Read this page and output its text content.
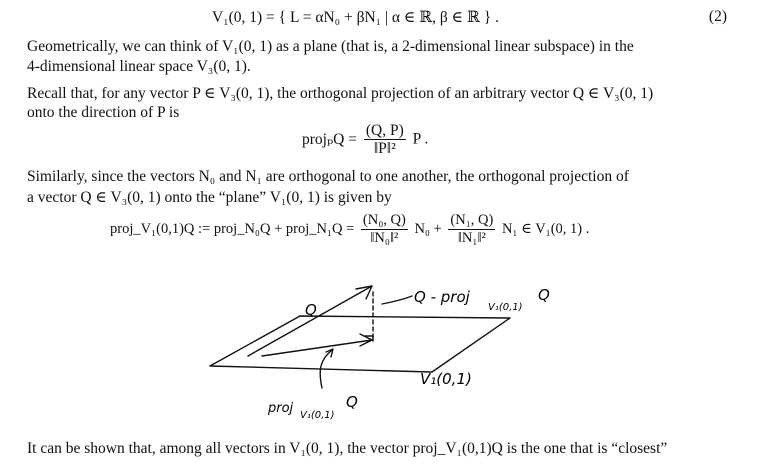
V₁(0, 1) = { L = αN₀ + βN₁ | α ∈ ℝ, β ∈ ℝ } .	(2)
Geometrically, we can think of V₁(0, 1) as a plane (that is, a 2-dimensional linear subspace) in the
4-dimensional linear space V₃(0, 1).
Recall that, for any vector P ∈ V₃(0, 1), the orthogonal projection of an arbitrary vector Q ∈ V₃(0, 1)
onto the direction of P is
projₚQ = $\frac{(Q, P)}{\text{‖P‖²}}$ P .
Similarly, since the vectors N₀ and N₁ are orthogonal to one another, the orthogonal projection of
a vector Q ∈ V₃(0, 1) onto the “plane” V₁(0, 1) is given by
proj_V₁(0,1)Q := proj_N₀Q + proj_N₁Q = $\frac{\text{(N₀, Q)}}{\text{‖N₀‖²}} N_0 + \frac{\text{(N₁, Q)}}{\text{‖N₁‖²}} N_1$ ∈ V₁(0, 1) .
Q
Q - proj
V₁(0,1)
Q
V₁(0,1)
proj V₁(0,1)
Q
It can be shown that, among all vectors in V₁(0, 1), the vector proj_V₁(0,1)Q is the one that is “closest”
